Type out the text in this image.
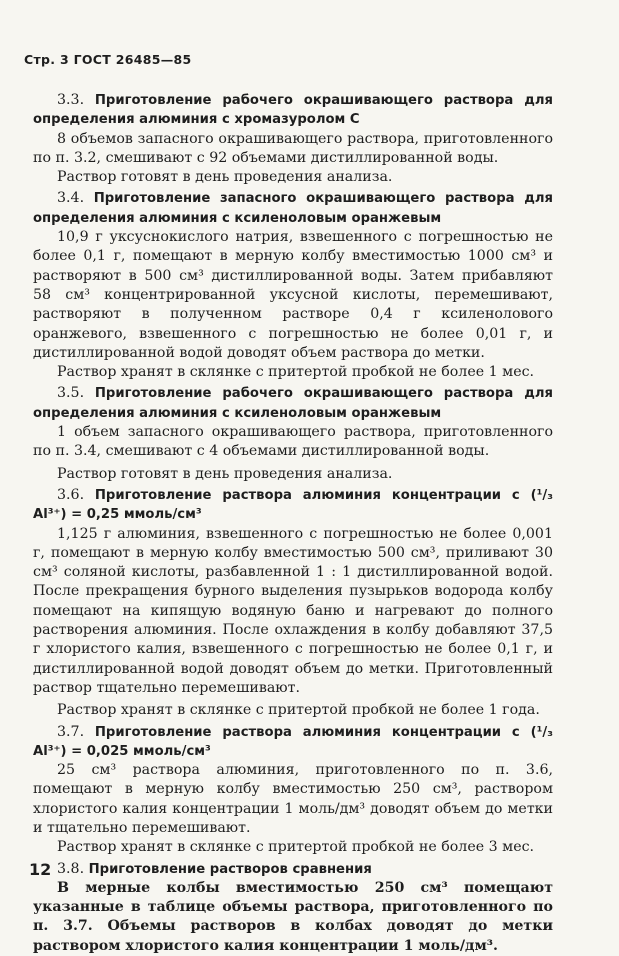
Стр. 3 ГОСТ 26485—85

3.3. Приготовление рабочего окрашивающего раствора для определения алюминия с хромазуролом С

8 объемов запасного окрашивающего раствора, приготовленного по п. 3.2, смешивают с 92 объемами дистиллированной воды.

Раствор готовят в день проведения анализа.

3.4. Приготовление запасного окрашивающего раствора для определения алюминия с ксиленоловым оранжевым

10,9 г уксуснокислого натрия, взвешенного с погрешностью не более 0,1 г, помещают в мерную колбу вместимостью 1000 см³ и растворяют в 500 см³ дистиллированной воды. Затем прибавляют 58 см³ концентрированной уксусной кислоты, перемешивают, растворяют в полученном растворе 0,4 г ксиленолового оранжевого, взвешенного с погрешностью не более 0,01 г, и дистиллированной водой доводят объем раствора до метки.

Раствор хранят в склянке с притертой пробкой не более 1 мес.

3.5. Приготовление рабочего окрашивающего раствора для определения алюминия с ксиленоловым оранжевым

1 объем запасного окрашивающего раствора, приготовленного по п. 3.4, смешивают с 4 объемами дистиллированной воды.

Раствор готовят в день проведения анализа.

3.6. Приготовление раствора алюминия концентрации с (¹/₃ Al³⁺) = 0,25 ммоль/см³

1,125 г алюминия, взвешенного с погрешностью не более 0,001 г, помещают в мерную колбу вместимостью 500 см³, приливают 30 см³ соляной кислоты, разбавленной 1 : 1 дистиллированной водой. После прекращения бурного выделения пузырьков водорода колбу помещают на кипящую водяную баню и нагревают до полного растворения алюминия. После охлаждения в колбу добавляют 37,5 г хлористого калия, взвешенного с погрешностью не более 0,1 г, и дистиллированной водой доводят объем до метки. Приготовленный раствор тщательно перемешивают.

Раствор хранят в склянке с притертой пробкой не более 1 года.

3.7. Приготовление раствора алюминия концентрации с (¹/₃ Al³⁺) = 0,025 ммоль/см³

25 см³ раствора алюминия, приготовленного по п. 3.6, помещают в мерную колбу вместимостью 250 см³, раствором хлористого калия концентрации 1 моль/дм³ доводят объем до метки и тщательно перемешивают.

Раствор хранят в склянке с притертой пробкой не более 3 мес.

3.8. Приготовление растворов сравнения

В мерные колбы вместимостью 250 см³ помещают указанные в таблице объемы раствора, приготовленного по п. 3.7. Объемы растворов в колбах доводят до метки раствором хлористого калия концентрации 1 моль/дм³.

12
